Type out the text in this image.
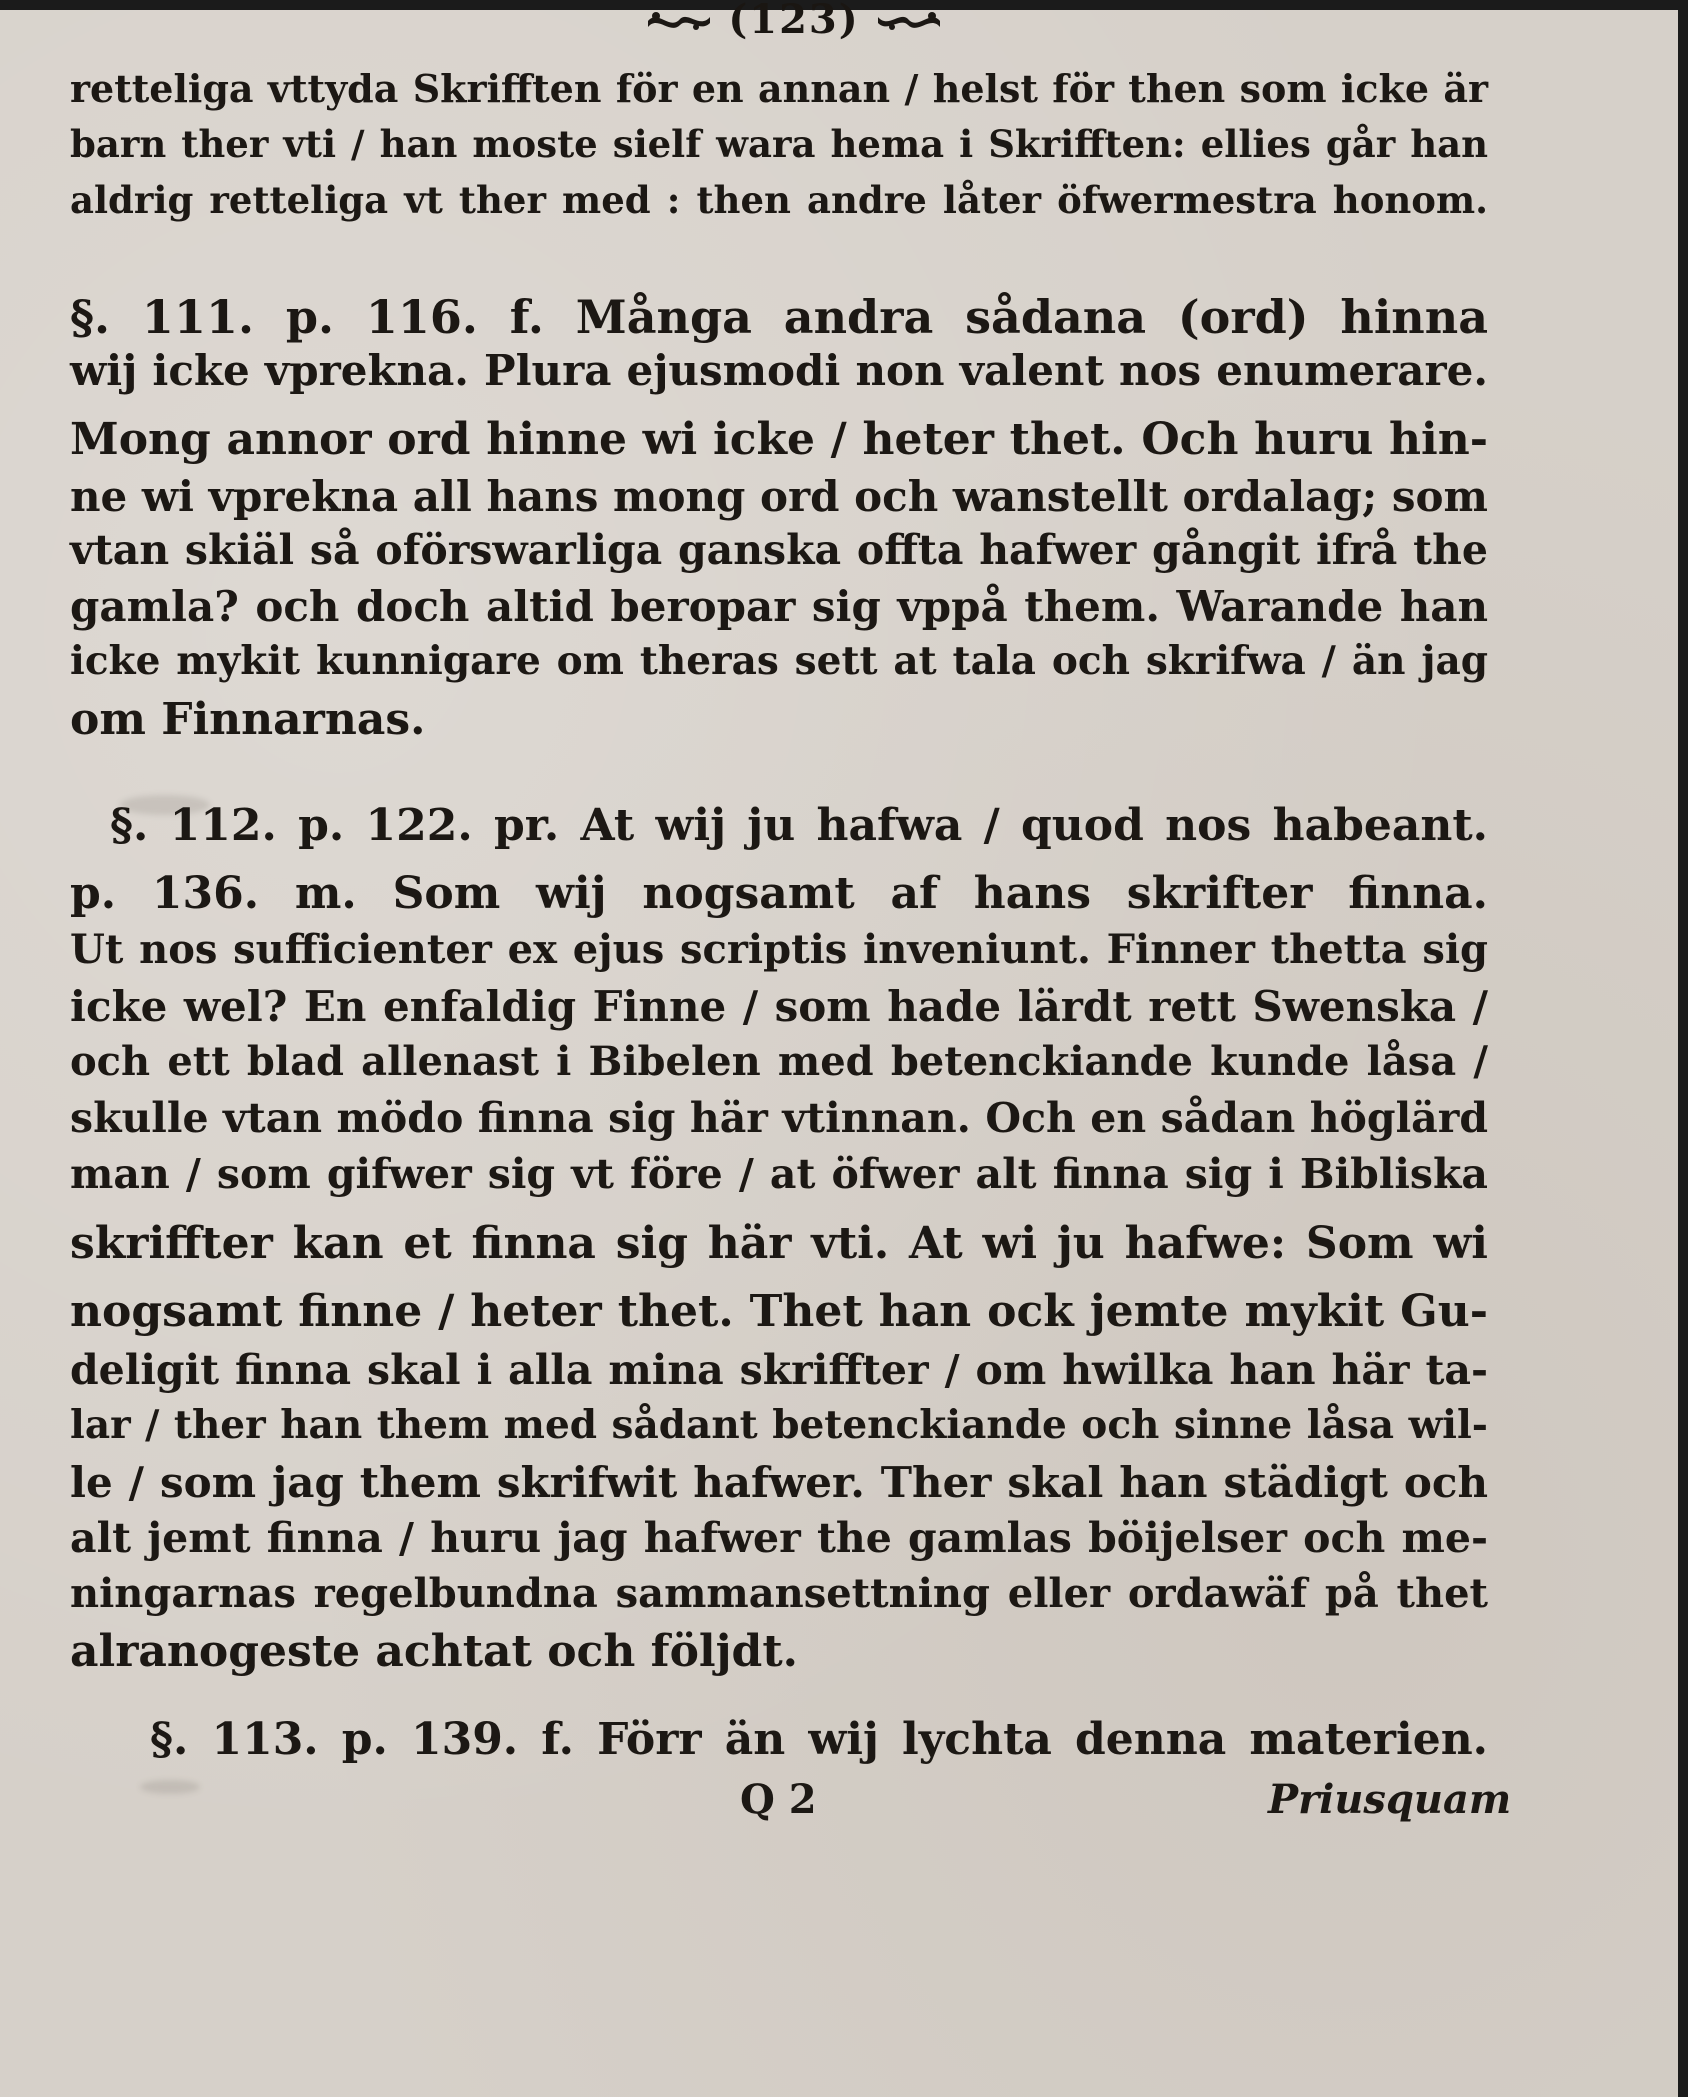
(123)
retteliga vttyda Skrifften för en annan / helst för then som icke är
barn ther vti / han moste sielf wara hema i Skrifften: ellies går han
aldrig retteliga vt ther med : then andre låter öfwermestra honom.
§. 111. p. 116. f. Många andra sådana (ord) hinna
wij icke vprekna. Plura ejusmodi non valent nos enumerare.
Mong annor ord hinne wi icke / heter thet. Och huru hin-
ne wi vprekna all hans mong ord och wanstellt ordalag; som
vtan skiäl så oförswarliga ganska offta hafwer gångit ifrå the
gamla? och doch altid beropar sig vppå them. Warande han
icke mykit kunnigare om theras sett at tala och skrifwa / än jag
om Finnarnas.
§. 112. p. 122. pr. At wij ju hafwa / quod nos habeant.
p. 136. m. Som wij nogsamt af hans skrifter finna.
Ut nos sufficienter ex ejus scriptis inveniunt. Finner thetta sig
icke wel? En enfaldig Finne / som hade lärdt rett Swenska /
och ett blad allenast i Bibelen med betenckiande kunde låsa /
skulle vtan mödo finna sig här vtinnan. Och en sådan höglärd
man / som gifwer sig vt före / at öfwer alt finna sig i Bibliska
skriffter kan et finna sig här vti. At wi ju hafwe: Som wi
nogsamt finne / heter thet. Thet han ock jemte mykit Gu-
deligit finna skal i alla mina skriffter / om hwilka han här ta-
lar / ther han them med sådant betenckiande och sinne låsa wil-
le / som jag them skrifwit hafwer. Ther skal han städigt och
alt jemt finna / huru jag hafwer the gamlas böijelser och me-
ningarnas regelbundna sammansettning eller ordawäf på thet
alranogeste achtat och följdt.
§. 113. p. 139. f. Förr än wij lychta denna materien.
Q 2	Priusquam
